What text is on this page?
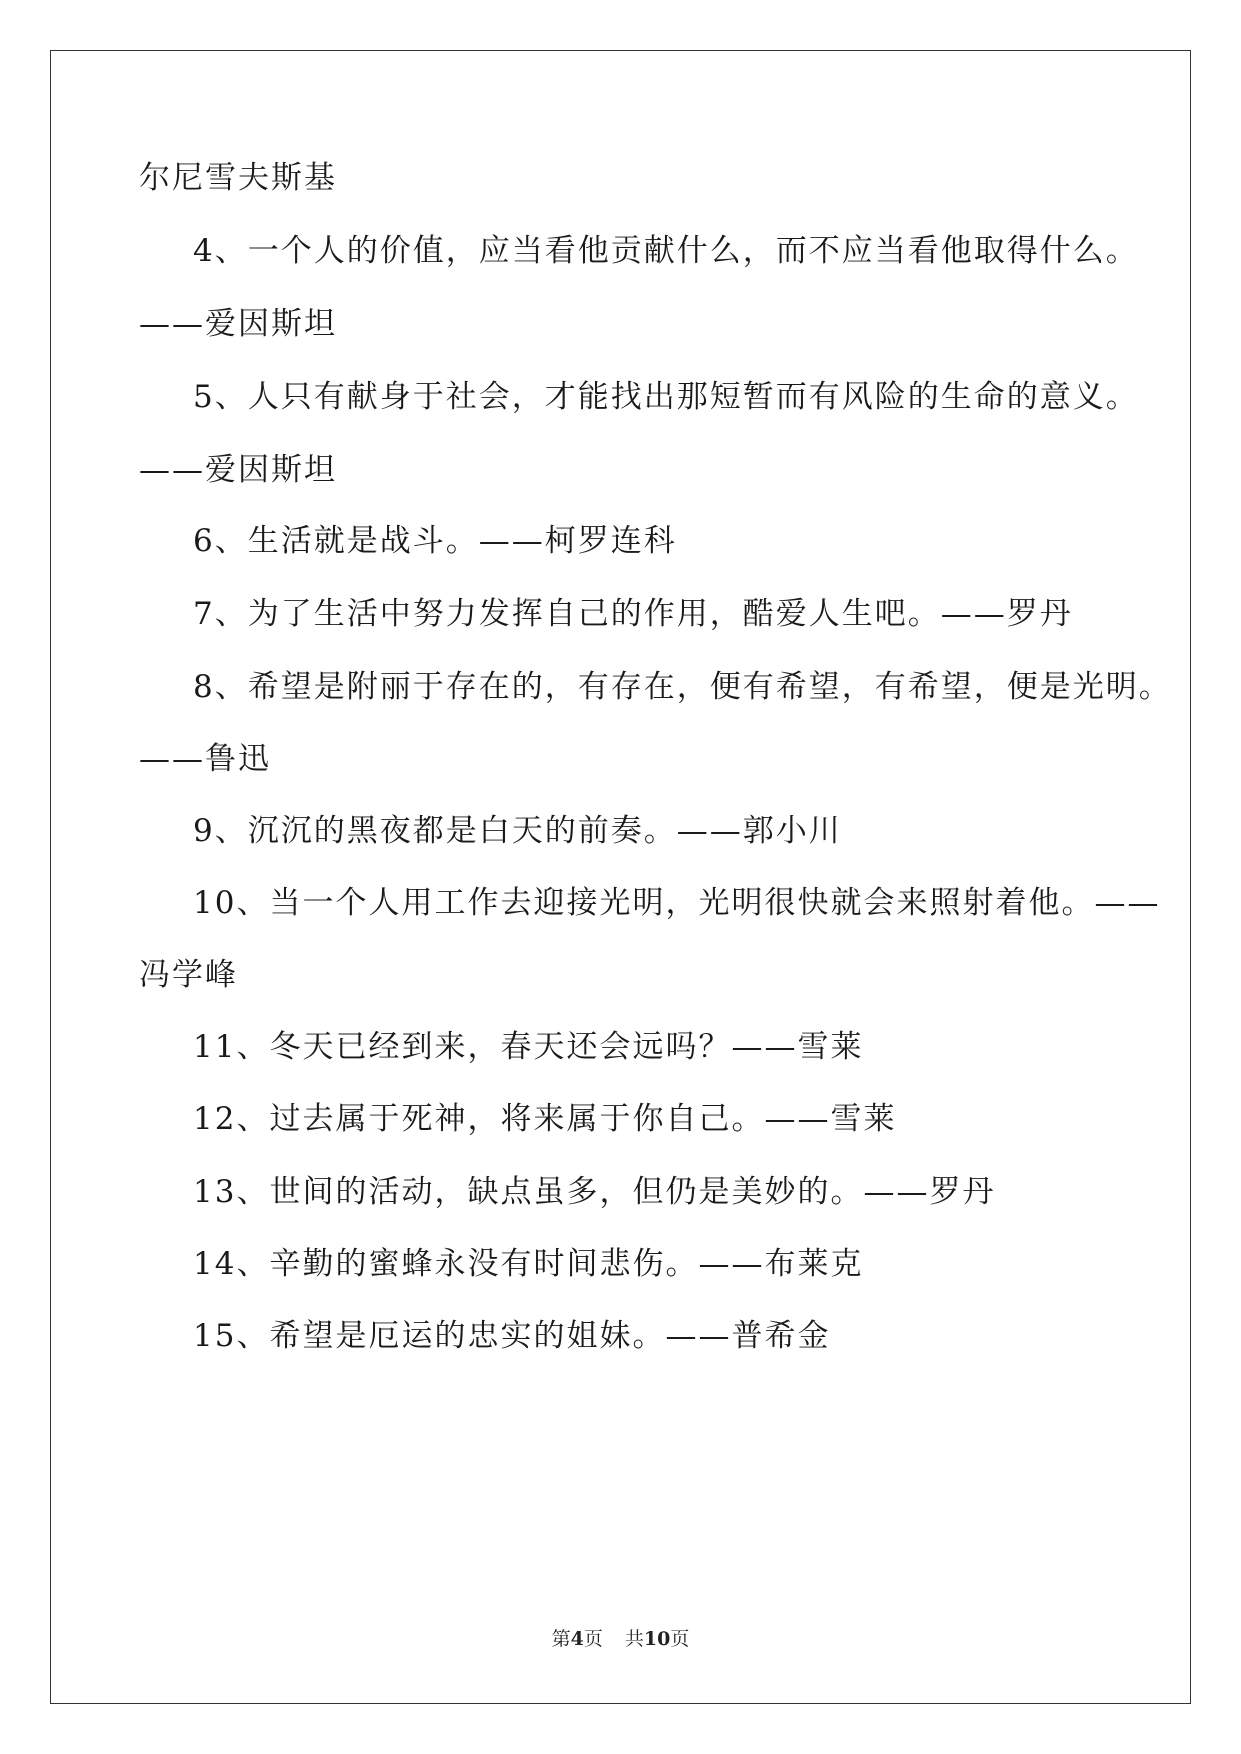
尔尼雪夫斯基
4、一个人的价值，应当看他贡献什么，而不应当看他取得什么。
——爱因斯坦
5、人只有献身于社会，才能找出那短暂而有风险的生命的意义。
——爱因斯坦
6、生活就是战斗。——柯罗连科
7、为了生活中努力发挥自己的作用，酷爱人生吧。——罗丹
8、希望是附丽于存在的，有存在，便有希望，有希望，便是光明。
——鲁迅
9、沉沉的黑夜都是白天的前奏。——郭小川
10、当一个人用工作去迎接光明，光明很快就会来照射着他。——
冯学峰
11、冬天已经到来，春天还会远吗？——雪莱
12、过去属于死神，将来属于你自己。——雪莱
13、世间的活动，缺点虽多，但仍是美妙的。——罗丹
14、辛勤的蜜蜂永没有时间悲伤。——布莱克
15、希望是厄运的忠实的姐妹。——普希金
第4页 共10页
